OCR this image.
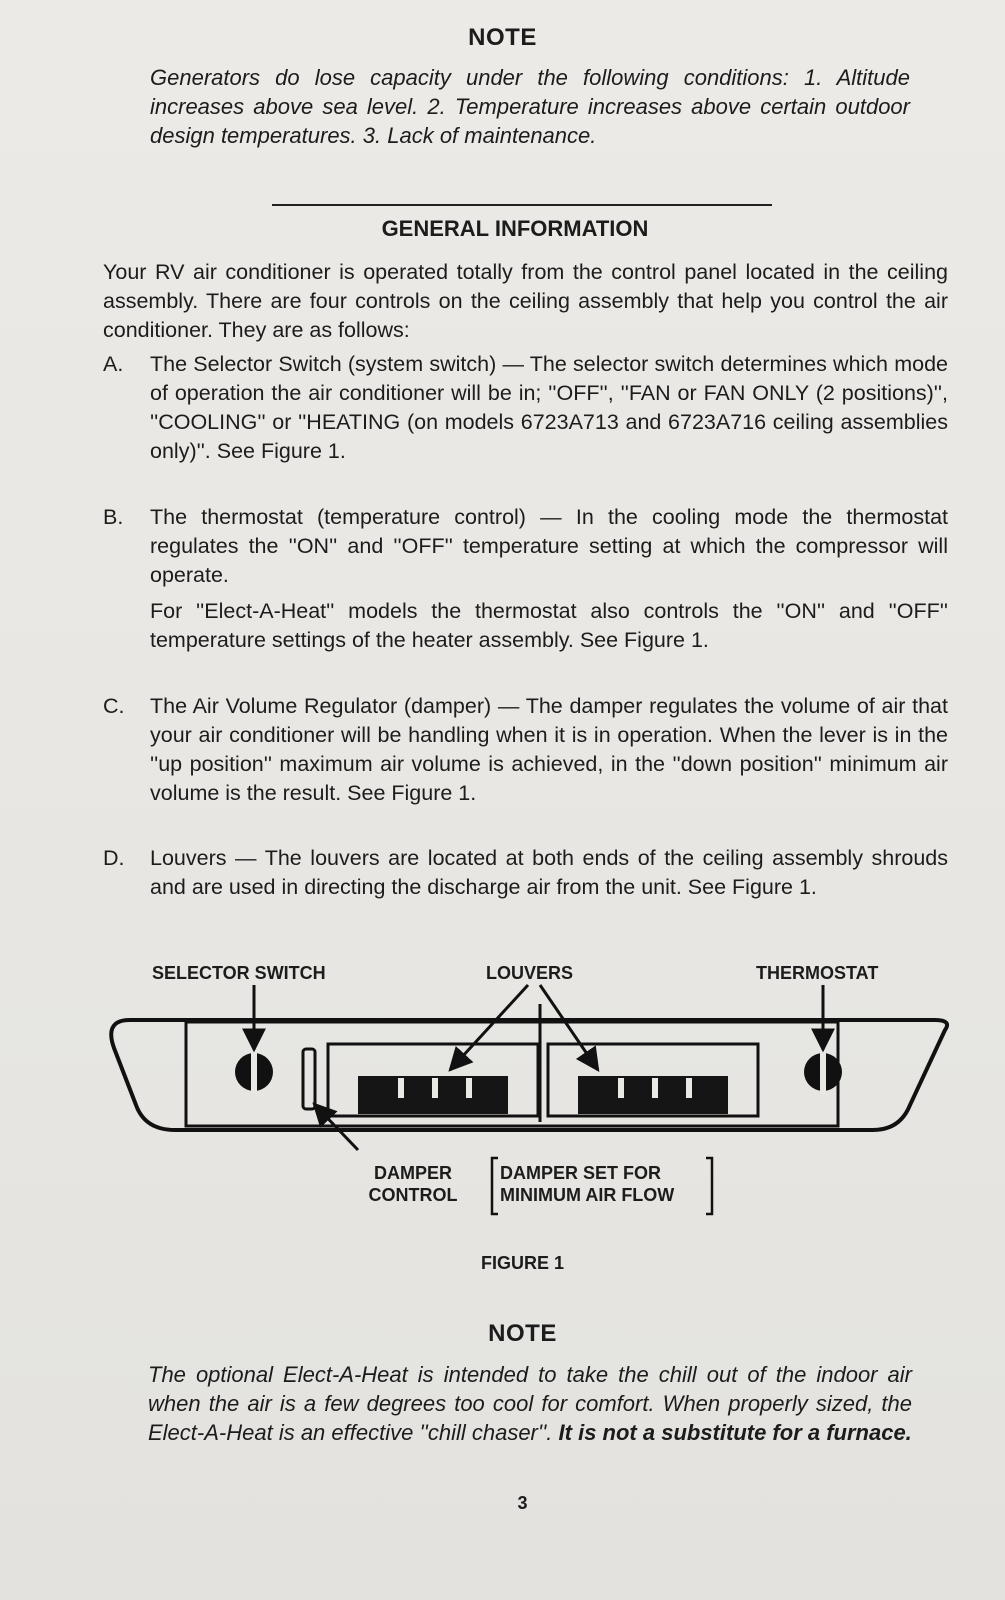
NOTE
Generators do lose capacity under the following conditions: 1. Altitude increases above sea level. 2. Temperature increases above certain outdoor design temperatures. 3. Lack of maintenance.
GENERAL INFORMATION
Your RV air conditioner is operated totally from the control panel located in the ceiling assembly. There are four controls on the ceiling assembly that help you control the air conditioner. They are as follows:
A. The Selector Switch (system switch) — The selector switch determines which mode of operation the air conditioner will be in; ''OFF'', ''FAN or FAN ONLY (2 positions)'', ''COOLING'' or ''HEATING (on models 6723A713 and 6723A716 ceiling assemblies only)''. See Figure 1.
B. The thermostat (temperature control) — In the cooling mode the thermostat regulates the ''ON'' and ''OFF'' temperature setting at which the compressor will operate.
For ''Elect-A-Heat'' models the thermostat also controls the ''ON'' and ''OFF'' temperature settings of the heater assembly. See Figure 1.
C. The Air Volume Regulator (damper) — The damper regulates the volume of air that your air conditioner will be handling when it is in operation. When the lever is in the ''up position'' maximum air volume is achieved, in the ''down position'' minimum air volume is the result. See Figure 1.
D. Louvers — The louvers are located at both ends of the ceiling assembly shrouds and are used in directing the discharge air from the unit. See Figure 1.
SELECTOR SWITCH	LOUVERS	THERMOSTAT
DAMPER
CONTROL
DAMPER SET FOR
MINIMUM AIR FLOW
FIGURE 1
NOTE
The optional Elect-A-Heat is intended to take the chill out of the indoor air when the air is a few degrees too cool for comfort. When properly sized, the Elect-A-Heat is an effective ''chill chaser''. It is not a substitute for a furnace.
3
